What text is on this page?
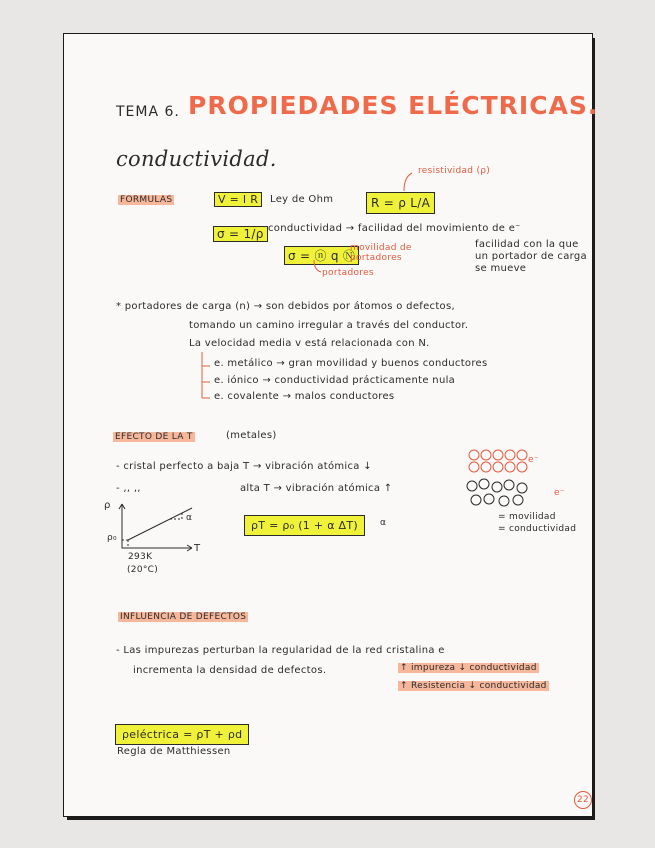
TEMA 6. PROPIEDADES ELÉCTRICAS.
conductividad.
FORMULAS	V = I R	Ley de Ohm	R = ρ L/A
resistividad (ρ)
σ = 1/ρ conductividad → facilidad del movimiento de e⁻
σ = ⓝ q Ⓝ
movilidad de portadores
portadores
facilidad con la que un portador de carga se mueve
* portadores de carga (n) → son debidos por átomos o defectos,
tomando un camino irregular a través del conductor.
La velocidad media v está relacionada con N.
e. metálico → gran movilidad y buenos conductores
e. iónico → conductividad prácticamente nula
e. covalente → malos conductores
EFECTO DE LA T	(metales)
- cristal perfecto a baja T → vibración atómica ↓
- ,, ,,	alta T → vibración atómica ↑
e⁻
e⁻
= movilidad
= conductividad
ρ
ρ₀
T
α
293K
(20°C)
ρT = ρ₀ (1 + α ΔT)	α
INFLUENCIA DE DEFECTOS
- Las impurezas perturban la regularidad de la red cristalina e
incrementa la densidad de defectos.	↑ impureza ↓ conductividad
↑ Resistencia ↓ conductividad
ρeléctrica = ρT + ρd
Regla de Matthiessen
22
